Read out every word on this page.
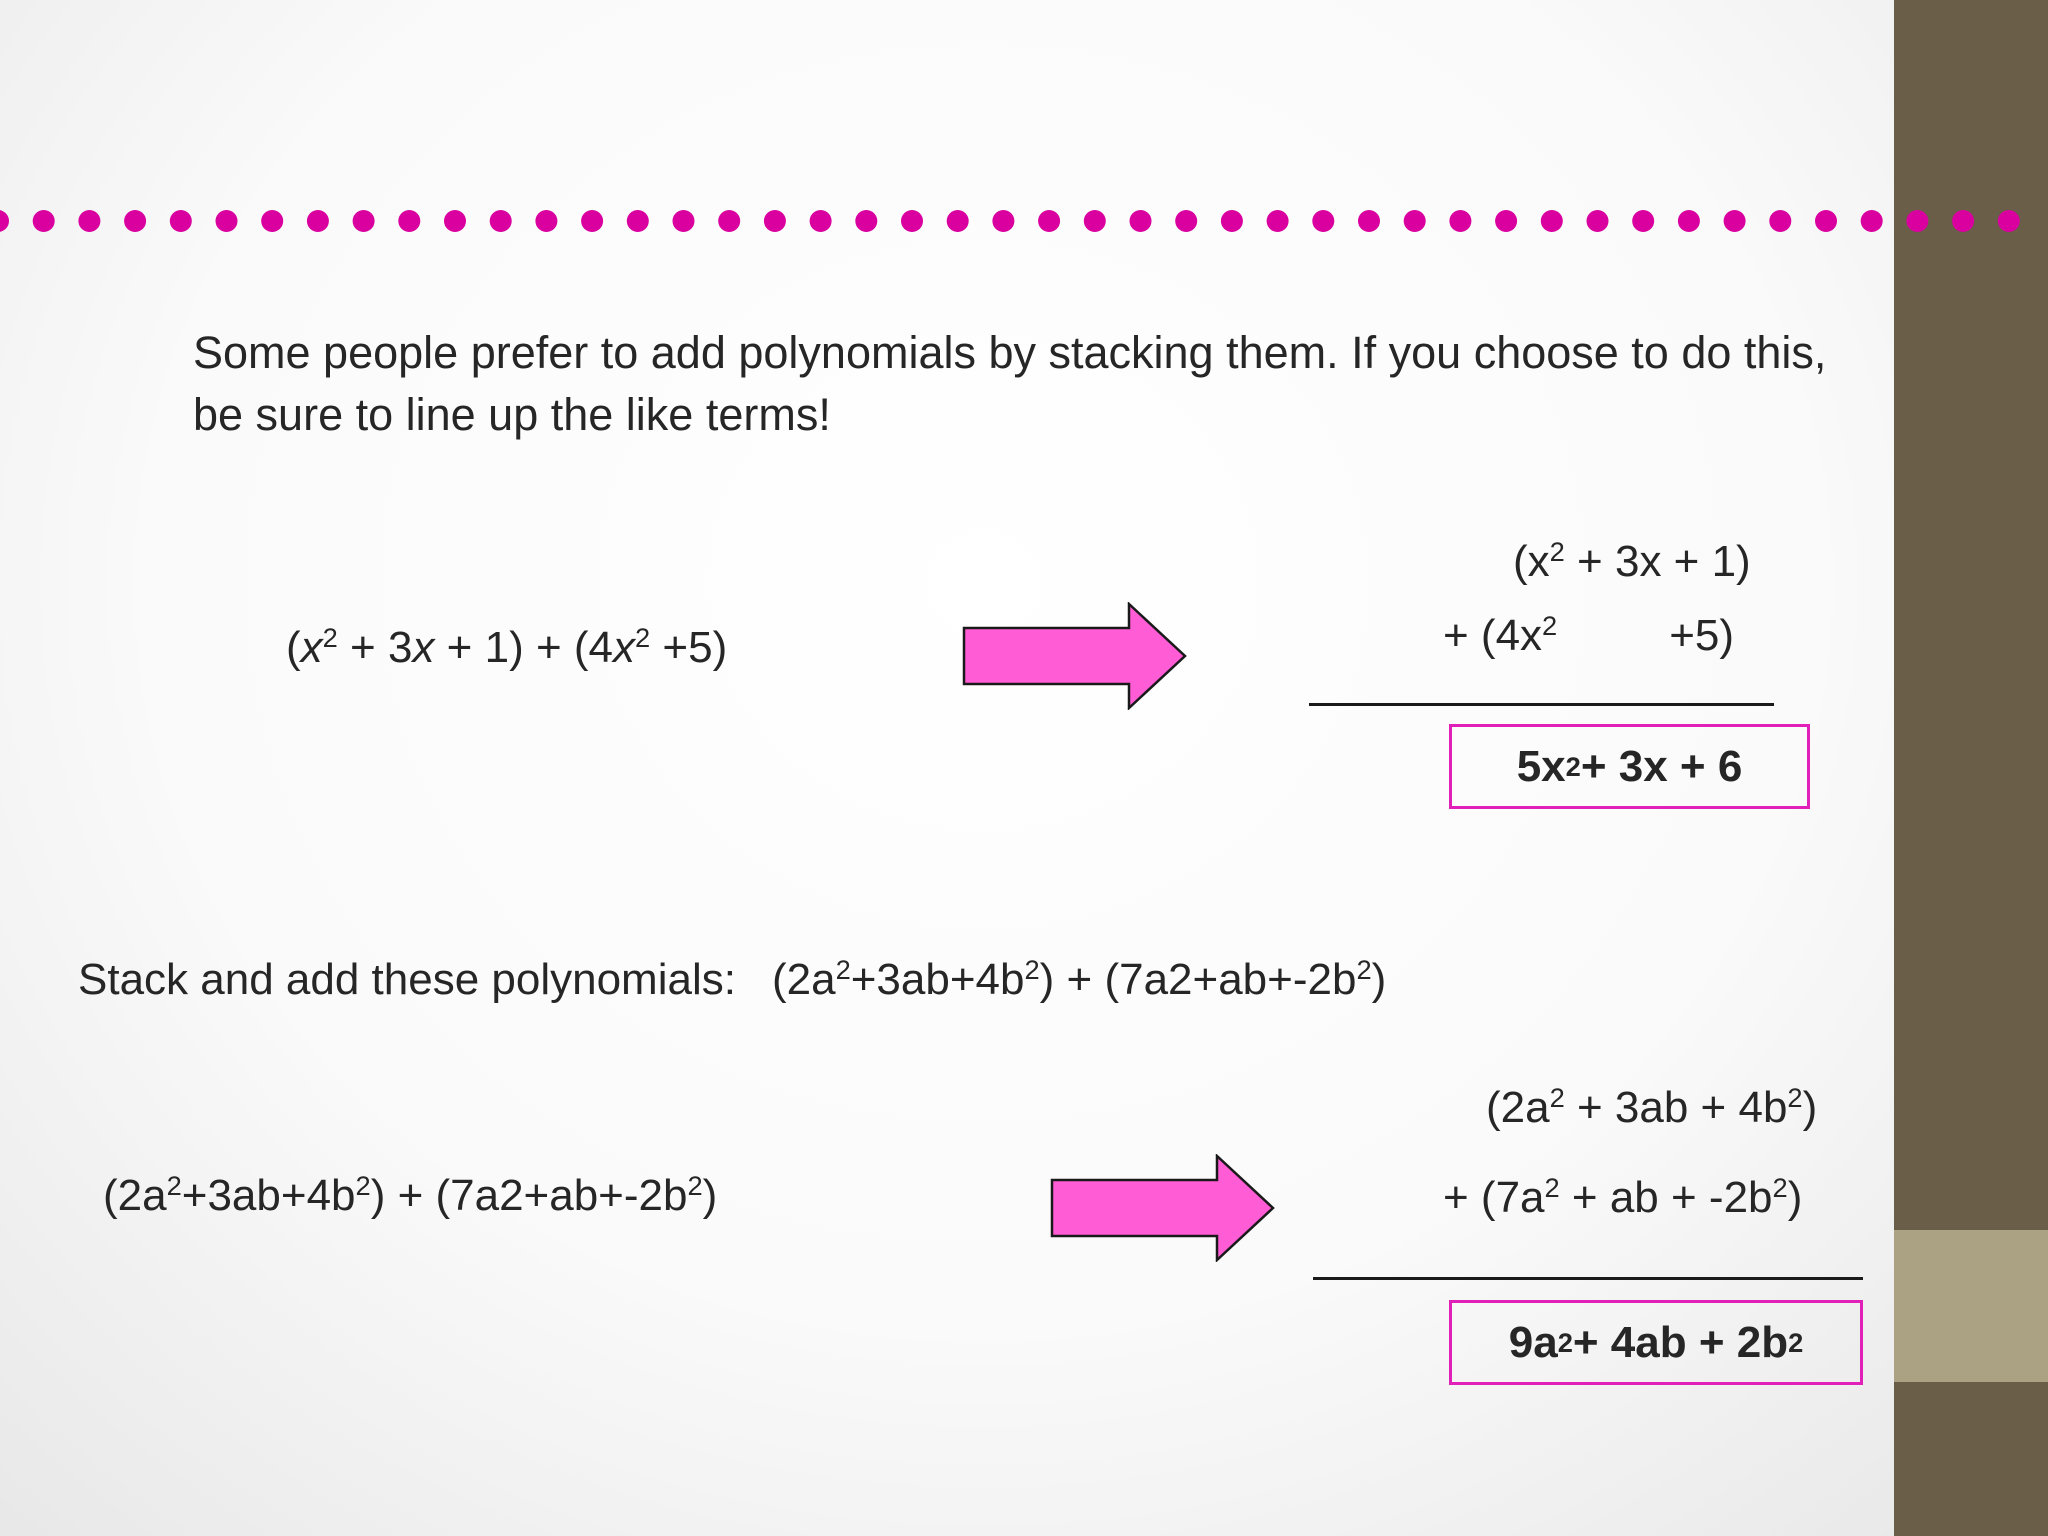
Some people prefer to add polynomials by stacking them. If you choose to do this, be sure to line up the like terms!
$(x^2 + 3x + 1) + (4x^2 +5)$
$(x^2 + 3x + 1)$
+ ($4x^2$	+5)
5x 2 + 3x + 6
Stack and add these polynomials: $(2a^2+3ab+4b^2) + (7a2+ab+-2b^2)$
$(2a^2+3ab+4b^2) + (7a2+ab+-2b^2)$
$(2a^2 + 3ab + 4b^2)$
+ ($7a^2$ + ab + $-2b^2$)
9a 2 + 4ab + 2b 2
